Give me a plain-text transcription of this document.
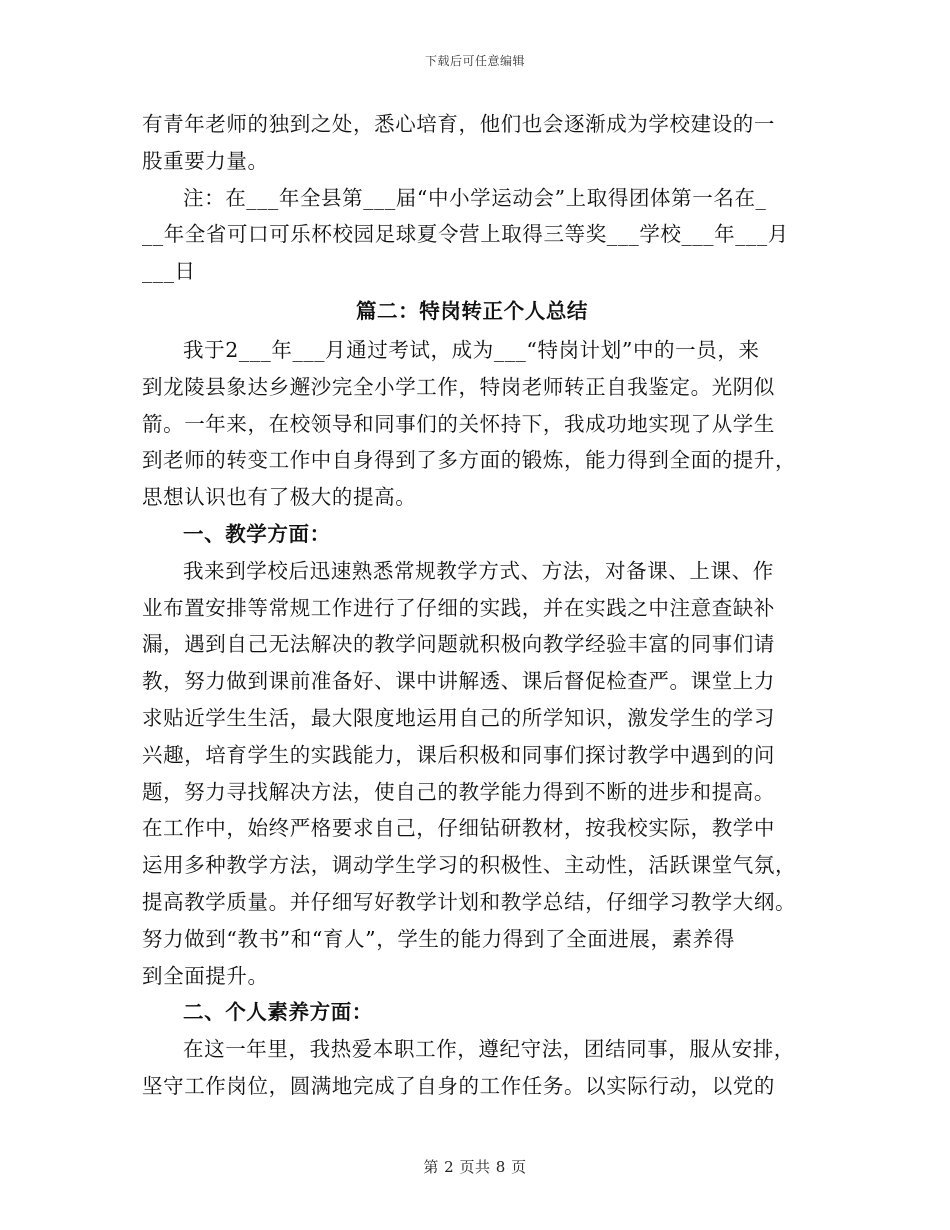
下载后可任意编辑
有青年老师的独到之处，悉心培育，他们也会逐渐成为学校建设的一
股重要力量。
注：在___年全县第___届“中小学运动会”上取得团体第一名在_
__年全省可口可乐杯校园足球夏令营上取得三等奖___学校___年___月
___日
篇二：特岗转正个人总结
我于2___年___月通过考试，成为___“特岗计划”中的一员，来
到龙陵县象达乡邂沙完全小学工作，特岗老师转正自我鉴定。光阴似
箭。一年来，在校领导和同事们的关怀持下，我成功地实现了从学生
到老师的转变工作中自身得到了多方面的锻炼，能力得到全面的提升，
思想认识也有了极大的提高。
一、教学方面：
我来到学校后迅速熟悉常规教学方式、方法，对备课、上课、作
业布置安排等常规工作进行了仔细的实践，并在实践之中注意查缺补
漏，遇到自己无法解决的教学问题就积极向教学经验丰富的同事们请
教，努力做到课前准备好、课中讲解透、课后督促检查严。课堂上力
求贴近学生生活，最大限度地运用自己的所学知识，激发学生的学习
兴趣，培育学生的实践能力，课后积极和同事们探讨教学中遇到的问
题，努力寻找解决方法，使自己的教学能力得到不断的进步和提高。
在工作中，始终严格要求自己，仔细钻研教材，按我校实际，教学中
运用多种教学方法，调动学生学习的积极性、主动性，活跃课堂气氛，
提高教学质量。并仔细写好教学计划和教学总结，仔细学习教学大纲。
努力做到“教书”和“育人”，学生的能力得到了全面进展，素养得
到全面提升。
二、个人素养方面：
在这一年里，我热爱本职工作，遵纪守法，团结同事，服从安排，
坚守工作岗位，圆满地完成了自身的工作任务。以实际行动，以党的
第 2 页共 8 页
